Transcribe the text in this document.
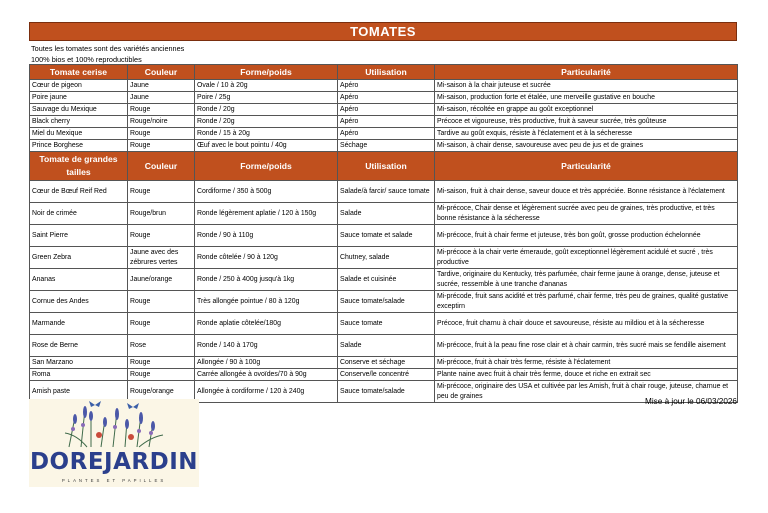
TOMATES
Toutes les tomates sont des variétés anciennes
100% bios et 100% reproductibles
Tomate cerise	Couleur	Forme/poids	Utilisation	Particularité
Cœur de pigeon	Jaune	Ovale / 10 à 20g	Apéro	Mi-saison à la chair juteuse et sucrée
Poire jaune	Jaune	Poire / 25g	Apéro	Mi-saison, production forte et étalée, une merveille gustative en bouche
Sauvage du Mexique	Rouge	Ronde / 20g	Apéro	Mi-saison, récoltée en grappe au goût exceptionnel
Black cherry	Rouge/noire	Ronde / 20g	Apéro	Précoce et vigoureuse, très productive, fruit à saveur sucrée, très goûteuse
Miel du Mexique	Rouge	Ronde / 15 à 20g	Apéro	Tardive au goût exquis, résiste à l'éclatement et à la sécheresse
Prince Borghese	Rouge	Œuf avec le bout pointu / 40g	Séchage	Mi-saison, à chair dense, savoureuse avec peu de jus et de graines
Tomate de grandes tailles	Couleur	Forme/poids	Utilisation	Particularité
Cœur de Bœuf Reif Red	Rouge	Cordiforme / 350 à 500g	Salade/à farcir/ sauce tomate	Mi-saison, fruit à chair dense, saveur douce et très appréciée. Bonne résistance à l'éclatement
Noir de crimée	Rouge/brun	Ronde légèrement aplatie / 120 à 150g	Salade	Mi-précoce, Chair dense et légèrement sucrée avec peu de graines, très productive, et très bonne résistance à la sécheresse
Saint Pierre	Rouge	Ronde / 90 à 110g	Sauce tomate et salade	Mi-précoce, fruit à chair ferme et juteuse, très bon goût, grosse production échelonnée
Green Zebra	Jaune avec des zébrures vertes	Ronde côtelée / 90 à 120g	Chutney, salade	Mi-précoce à la chair verte émeraude, goût exceptionnel légèrement acidulé et sucré , très productive
Ananas	Jaune/orange	Ronde / 250 à 400g jusqu'à 1kg	Salade et cuisinée	Tardive, originaire du Kentucky, très parfumée, chair ferme jaune à orange, dense, juteuse et sucrée, ressemble à une tranche d'ananas
Cornue des Andes	Rouge	Très allongée pointue / 80 à 120g	Sauce tomate/salade	Mi-précode, fruit sans acidité et très parfumé, chair ferme, très peu de graines, qualité gustative exceptirn
Marmande	Rouge	Ronde aplatie côtelée/180g	Sauce tomate	Précoce, fruit charnu à chair douce et savoureuse, résiste au mildiou et à la sécheresse
Rose de Berne	Rose	Ronde / 140 à 170g	Salade	Mi-précoce, fruit à la peau fine rose clair et à chair carmin, très sucré mais se fendille aisement
San Marzano	Rouge	Allongée / 90 à 100g	Conserve et séchage	Mi-précoce, fruit à chair très ferme, résiste à l'éclatement
Roma	Rouge	Carrée allongée à ovoïdes/70 à 90g	Conserve/le concentré	Plante naine avec fruit à chair très ferme, douce et riche en extrait sec
Amish paste	Rouge/orange	Allongée à cordiforme / 120 à 240g	Sauce tomate/salade	Mi-précoce, originaire des USA et cultivée par les Amish, fruit à chair rouge, juteuse, charnue et peu de graines
Mise à jour le 06/03/2026
DOREJARDIN
PLANTES ET PAPILLES
